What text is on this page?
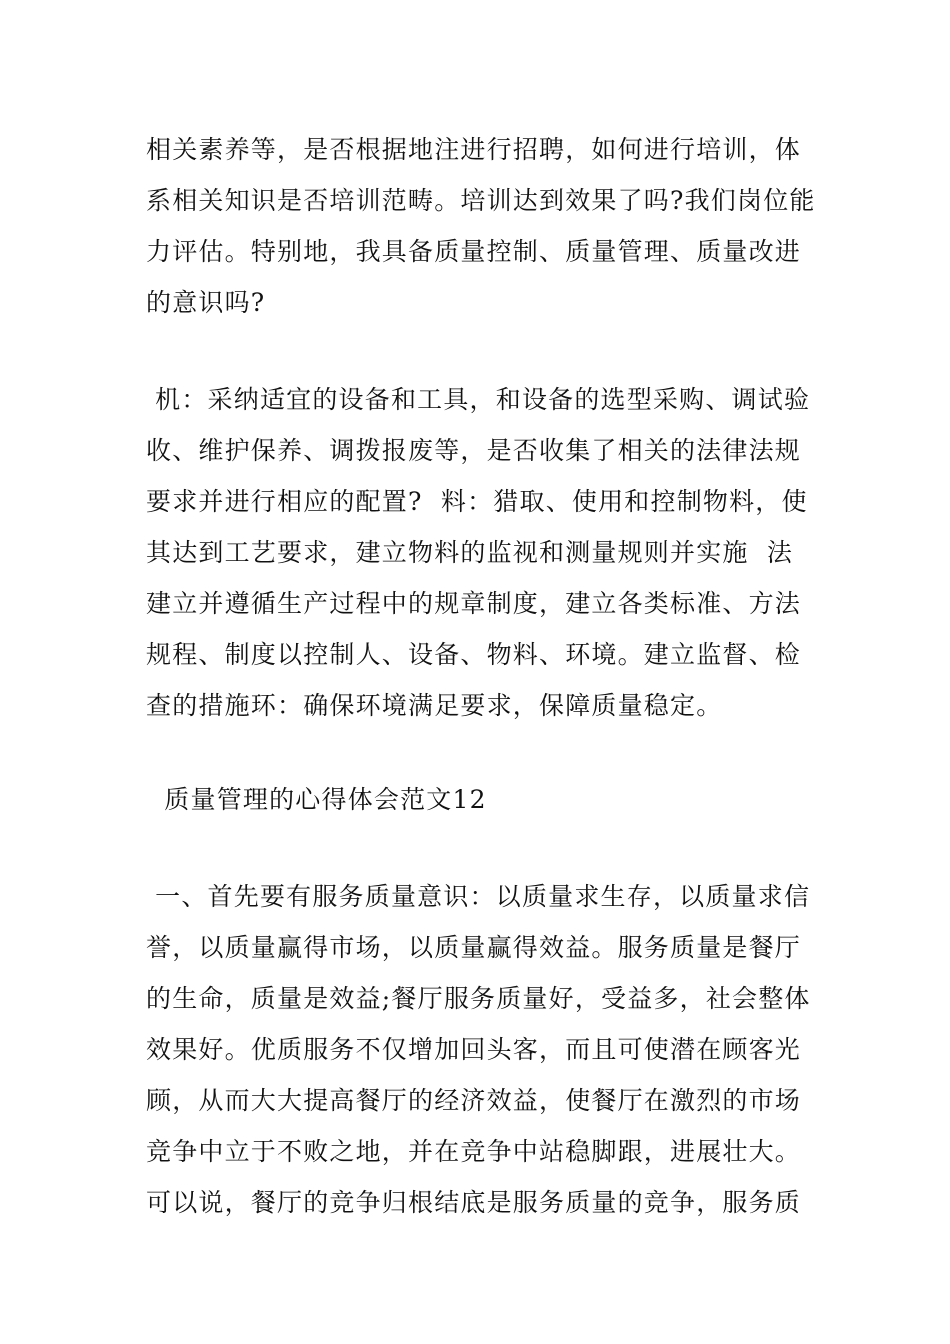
相关素养等，是否根据地注进行招聘，如何进行培训，体
系相关知识是否培训范畴。培训达到效果了吗?我们岗位能
力评估。特别地，我具备质量控制、质量管理、质量改进
的意识吗?
机：采纳适宜的设备和工具，和设备的选型采购、调试验
收、维护保养、调拨报废等，是否收集了相关的法律法规
要求并进行相应的配置?  料：猎取、使用和控制物料，使
其达到工艺要求，建立物料的监视和测量规则并实施  法
建立并遵循生产过程中的规章制度，建立各类标准、方法
规程、制度以控制人、设备、物料、环境。建立监督、检
查的措施环：确保环境满足要求，保障质量稳定。
质量管理的心得体会范文12
一、首先要有服务质量意识：以质量求生存，以质量求信
誉，以质量赢得市场，以质量赢得效益。服务质量是餐厅
的生命，质量是效益;餐厅服务质量好，受益多，社会整体
效果好。优质服务不仅增加回头客，而且可使潜在顾客光
顾，从而大大提高餐厅的经济效益，使餐厅在激烈的市场
竞争中立于不败之地，并在竞争中站稳脚跟，进展壮大。
可以说，餐厅的竞争归根结底是服务质量的竞争，服务质
